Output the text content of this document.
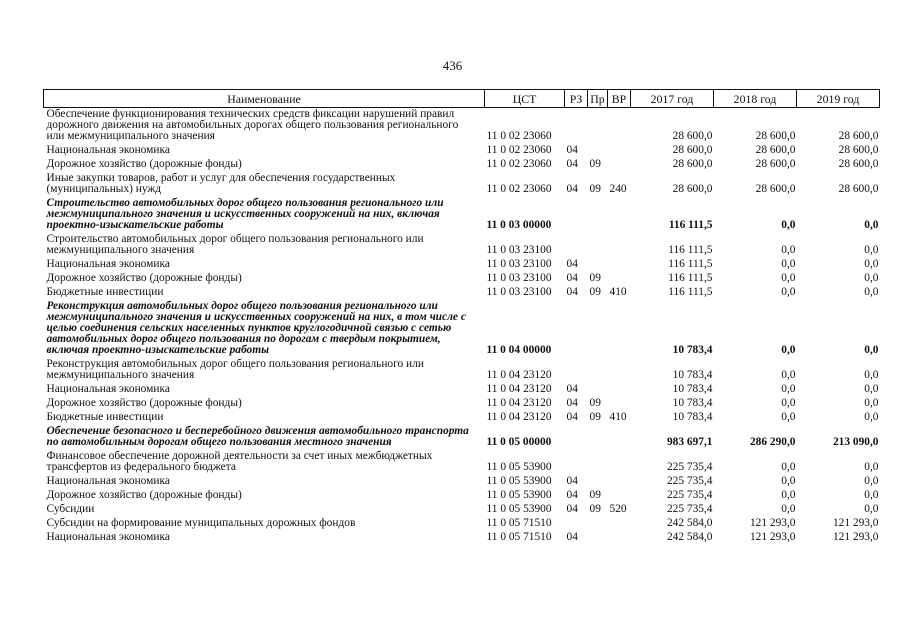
436
Наименование	ЦСТ	РЗ	Пр	ВР	2017 год	2018 год	2019 год
Обеспечение функционирования технических средств фиксации нарушений правил дорожного движения на автомобильных дорогах общего пользования регионального или межмуниципального значения	11 0 02 23060				28 600,0	28 600,0	28 600,0
Национальная экономика	11 0 02 23060	04			28 600,0	28 600,0	28 600,0
Дорожное хозяйство (дорожные фонды)	11 0 02 23060	04	09		28 600,0	28 600,0	28 600,0
Иные закупки товаров, работ и услуг для обеспечения государственных (муниципальных) нужд	11 0 02 23060	04	09	240	28 600,0	28 600,0	28 600,0
Строительство автомобильных дорог общего пользования регионального или межмуниципального значения и искусственных сооружений на них, включая проектно-изыскательские работы	11 0 03 00000				116 111,5	0,0	0,0
Строительство автомобильных дорог общего пользования регионального или межмуниципального значения	11 0 03 23100				116 111,5	0,0	0,0
Национальная экономика	11 0 03 23100	04			116 111,5	0,0	0,0
Дорожное хозяйство (дорожные фонды)	11 0 03 23100	04	09		116 111,5	0,0	0,0
Бюджетные инвестиции	11 0 03 23100	04	09	410	116 111,5	0,0	0,0
Реконструкция автомобильных дорог общего пользования регионального или межмуниципального значения и искусственных сооружений на них, в том числе с целью соединения сельских населенных пунктов круглогодичной связью с сетью автомобильных дорог общего пользования по дорогам с твердым покрытием, включая проектно-изыскательские работы	11 0 04 00000				10 783,4	0,0	0,0
Реконструкция автомобильных дорог общего пользования регионального или межмуниципального значения	11 0 04 23120				10 783,4	0,0	0,0
Национальная экономика	11 0 04 23120	04			10 783,4	0,0	0,0
Дорожное хозяйство (дорожные фонды)	11 0 04 23120	04	09		10 783,4	0,0	0,0
Бюджетные инвестиции	11 0 04 23120	04	09	410	10 783,4	0,0	0,0
Обеспечение безопасного и бесперебойного движения автомобильного транспорта по автомобильным дорогам общего пользования местного значения	11 0 05 00000				983 697,1	286 290,0	213 090,0
Финансовое обеспечение дорожной деятельности за счет иных межбюджетных трансфертов из федерального бюджета	11 0 05 53900				225 735,4	0,0	0,0
Национальная экономика	11 0 05 53900	04			225 735,4	0,0	0,0
Дорожное хозяйство (дорожные фонды)	11 0 05 53900	04	09		225 735,4	0,0	0,0
Субсидии	11 0 05 53900	04	09	520	225 735,4	0,0	0,0
Субсидии на формирование муниципальных дорожных фондов	11 0 05 71510				242 584,0	121 293,0	121 293,0
Национальная экономика	11 0 05 71510	04			242 584,0	121 293,0	121 293,0
